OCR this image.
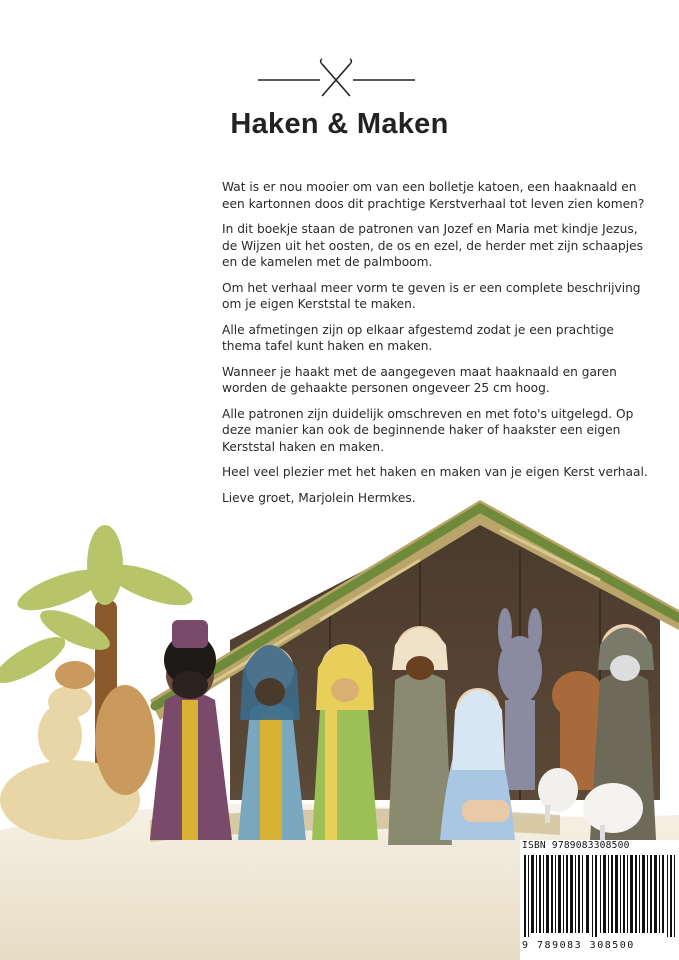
Haken & Maken

Wat is er nou mooier om van een bolletje katoen, een haaknaald en een kartonnen doos dit prachtige Kerstverhaal tot leven zien komen?

In dit boekje staan de patronen van Jozef en Maria met kindje Jezus, de Wijzen uit het oosten, de os en ezel, de herder met zijn schaapjes en de kamelen met de palmboom.

Om het verhaal meer vorm te geven is er een complete beschrijving om je eigen Kerststal te maken.

Alle afmetingen zijn op elkaar afgestemd zodat je een prachtige thema tafel kunt haken en maken.

Wanneer je haakt met de aangegeven maat haaknaald en garen worden de gehaakte personen ongeveer 25 cm hoog.

Alle patronen zijn duidelijk omschreven en met foto's uitgelegd. Op deze manier kan ook de beginnende haker of haakster een eigen Kerststal haken en maken.

Heel veel plezier met het haken en maken van je eigen Kerst verhaal.

Lieve groet, Marjolein Hermkes.

ISBN 9789083308500
9 789083 308500
